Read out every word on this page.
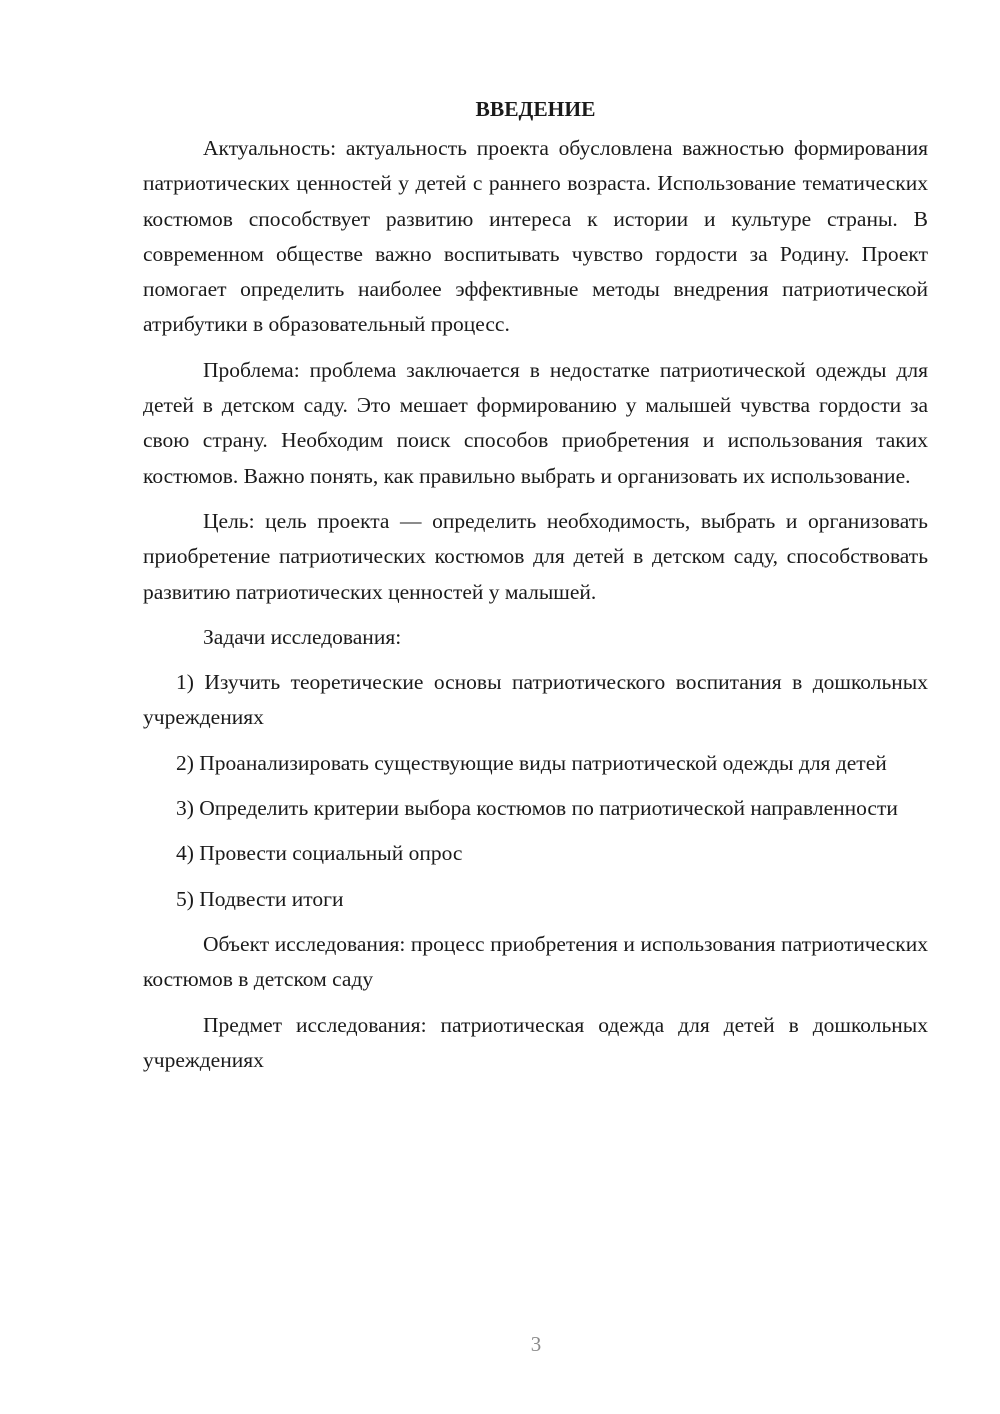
ВВЕДЕНИЕ

Актуальность: актуальность проекта обусловлена важностью формирования патриотических ценностей у детей с раннего возраста. Использование тематических костюмов способствует развитию интереса к истории и культуре страны. В современном обществе важно воспитывать чувство гордости за Родину. Проект помогает определить наиболее эффективные методы внедрения патриотической атрибутики в образовательный процесс.

Проблема: проблема заключается в недостатке патриотической одежды для детей в детском саду. Это мешает формированию у малышей чувства гордости за свою страну. Необходим поиск способов приобретения и использования таких костюмов. Важно понять, как правильно выбрать и организовать их использование.

Цель: цель проекта — определить необходимость, выбрать и организовать приобретение патриотических костюмов для детей в детском саду, способствовать развитию патриотических ценностей у малышей.

Задачи исследования:

1) Изучить теоретические основы патриотического воспитания в дошкольных учреждениях

2) Проанализировать существующие виды патриотической одежды для детей

3) Определить критерии выбора костюмов по патриотической направленности

4) Провести социальный опрос

5) Подвести итоги

Объект исследования: процесс приобретения и использования патриотических костюмов в детском саду

Предмет исследования: патриотическая одежда для детей в дошкольных учреждениях

3
